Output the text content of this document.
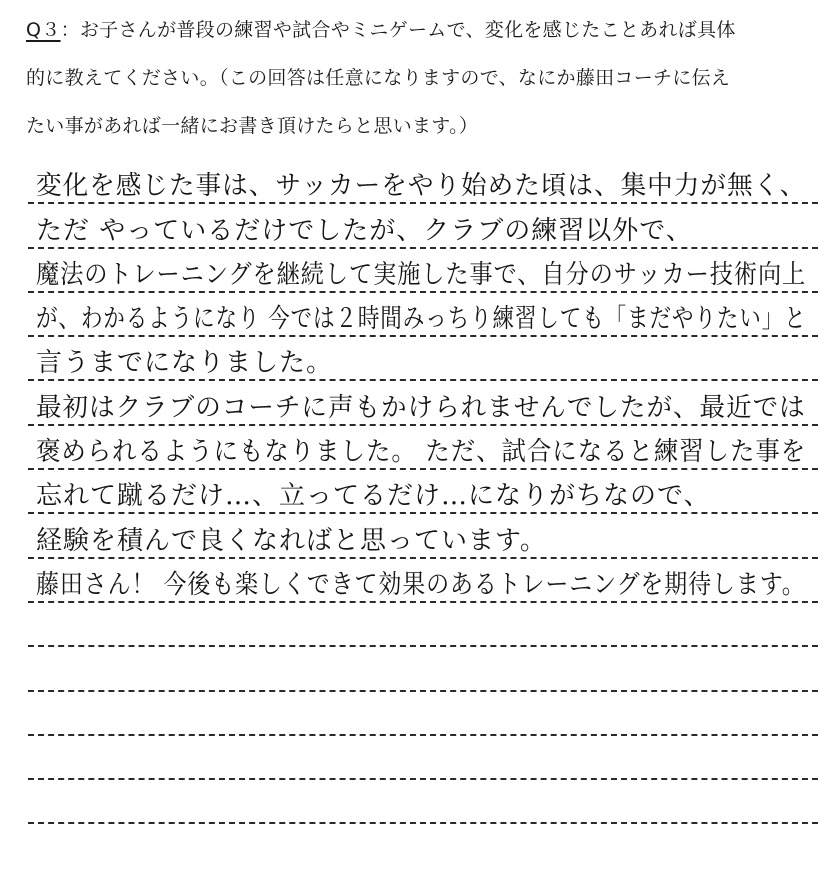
Q３：お子さんが普段の練習や試合やミニゲームで、変化を感じたことあれば具体
的に教えてください。（この回答は任意になりますので、なにか藤田コーチに伝え
たい事があれば一緒にお書き頂けたらと思います。）
変化を感じた事は、サッカーをやり始めた頃は、集中力が無く、
ただ やっているだけでしたが、クラブの練習以外で、
魔法のトレーニングを継続して実施した事で、自分のサッカー技術向上
が、わかるようになり 今では２時間みっちり練習しても「まだやりたい」と
言うまでになりました。
最初はクラブのコーチに声もかけられませんでしたが、最近では
褒められるようにもなりました。 ただ、試合になると練習した事を
忘れて蹴るだけ…、立ってるだけ…になりがちなので、
経験を積んで良くなればと思っています。
藤田さん！ 今後も楽しくできて効果のあるトレーニングを期待します。
